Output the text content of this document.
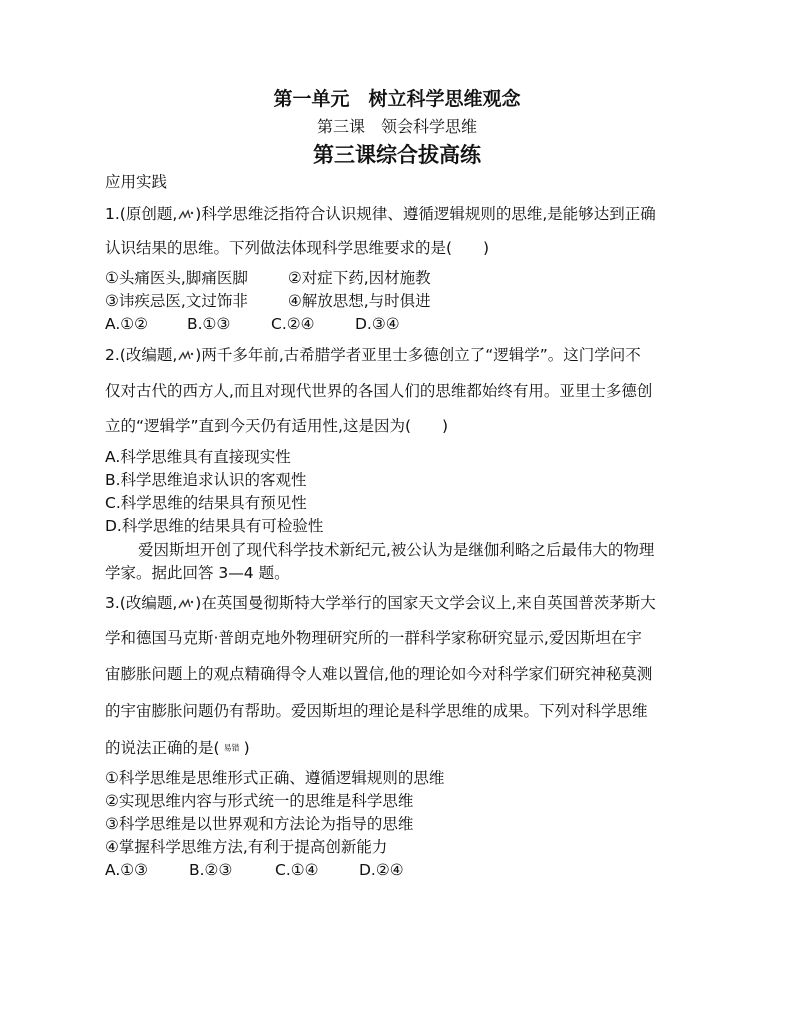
第一单元　树立科学思维观念
第三课　领会科学思维
第三课综合拔高练
应用实践
1.(原创题, )科学思维泛指符合认识规律、遵循逻辑规则的思维,是能够达到正确
认识结果的思维。下列做法体现科学思维要求的是(　　)
①头痛医头,脚痛医脚	②对症下药,因材施教
③讳疾忌医,文过饰非	④解放思想,与时俱进
A.①②	B.①③	C.②④	D.③④
2.(改编题, )两千多年前,古希腊学者亚里士多德创立了“逻辑学”。这门学问不
仅对古代的西方人,而且对现代世界的各国人们的思维都始终有用。亚里士多德创
立的“逻辑学”直到今天仍有适用性,这是因为(　　)
A.科学思维具有直接现实性
B.科学思维追求认识的客观性
C.科学思维的结果具有预见性
D.科学思维的结果具有可检验性
爱因斯坦开创了现代科学技术新纪元,被公认为是继伽利略之后最伟大的物理
学家。据此回答 3—4 题。
3.(改编题, )在英国曼彻斯特大学举行的国家天文学会议上,来自英国普茨茅斯大
学和德国马克斯·普朗克地外物理研究所的一群科学家称研究显示,爱因斯坦在宇
宙膨胀问题上的观点精确得令人难以置信,他的理论如今对科学家们研究神秘莫测
的宇宙膨胀问题仍有帮助。爱因斯坦的理论是科学思维的成果。下列对科学思维
的说法正确的是( 易错 )
①科学思维是思维形式正确、遵循逻辑规则的思维
②实现思维内容与形式统一的思维是科学思维
③科学思维是以世界观和方法论为指导的思维
④掌握科学思维方法,有利于提高创新能力
A.①③	B.②③	C.①④	D.②④
